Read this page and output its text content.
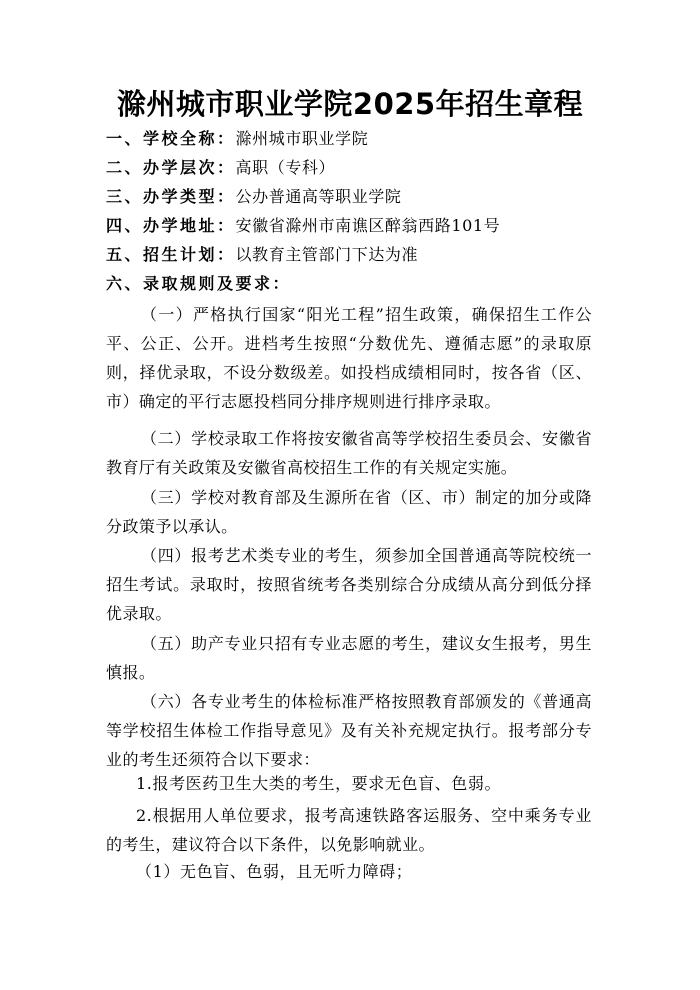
滁州城市职业学院2025年招生章程
一、学校全称：滁州城市职业学院
二、办学层次：高职（专科）
三、办学类型：公办普通高等职业学院
四、办学地址：安徽省滁州市南谯区醉翁西路101号
五、招生计划：以教育主管部门下达为准
六、录取规则及要求：
（一）严格执行国家“阳光工程”招生政策，确保招生工作公平、公正、公开。进档考生按照“分数优先、遵循志愿”的录取原则，择优录取，不设分数级差。如投档成绩相同时，按各省（区、市）确定的平行志愿投档同分排序规则进行排序录取。
（二）学校录取工作将按安徽省高等学校招生委员会、安徽省教育厅有关政策及安徽省高校招生工作的有关规定实施。
（三）学校对教育部及生源所在省（区、市）制定的加分或降分政策予以承认。
（四）报考艺术类专业的考生，须参加全国普通高等院校统一招生考试。录取时，按照省统考各类别综合分成绩从高分到低分择优录取。
（五）助产专业只招有专业志愿的考生，建议女生报考，男生慎报。
（六）各专业考生的体检标准严格按照教育部颁发的《普通高等学校招生体检工作指导意见》及有关补充规定执行。报考部分专业的考生还须符合以下要求：
1.报考医药卫生大类的考生，要求无色盲、色弱。
2.根据用人单位要求，报考高速铁路客运服务、空中乘务专业的考生，建议符合以下条件，以免影响就业。
（1）无色盲、色弱，且无听力障碍；
